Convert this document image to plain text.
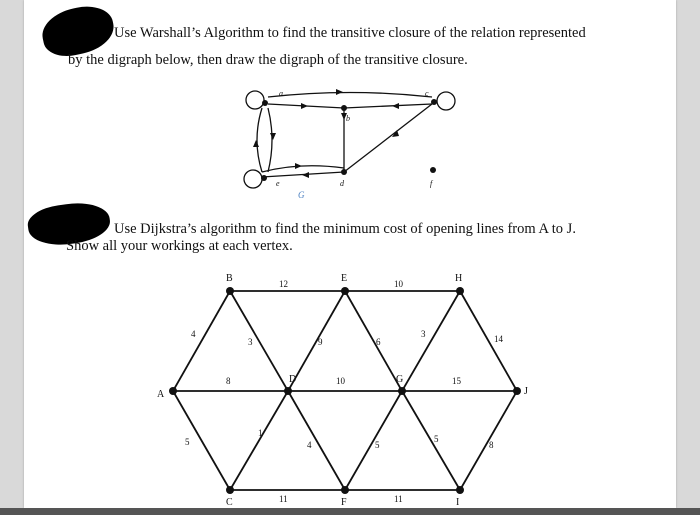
Use Warshall’s Algorithm to find the transitive closure of the relation represented
by the digraph below, then draw the digraph of the transitive closure.
a
b
c
d
e	f
G
Use Dijkstra’s algorithm to find the minimum cost of opening lines from A to J.
Show all your workings at each vertex.
A
B
C
D
E
F
G
H
I
J
12	10
4
3	9	6
3	14
8	10	15
5
1
4	5
5
8
11	11
